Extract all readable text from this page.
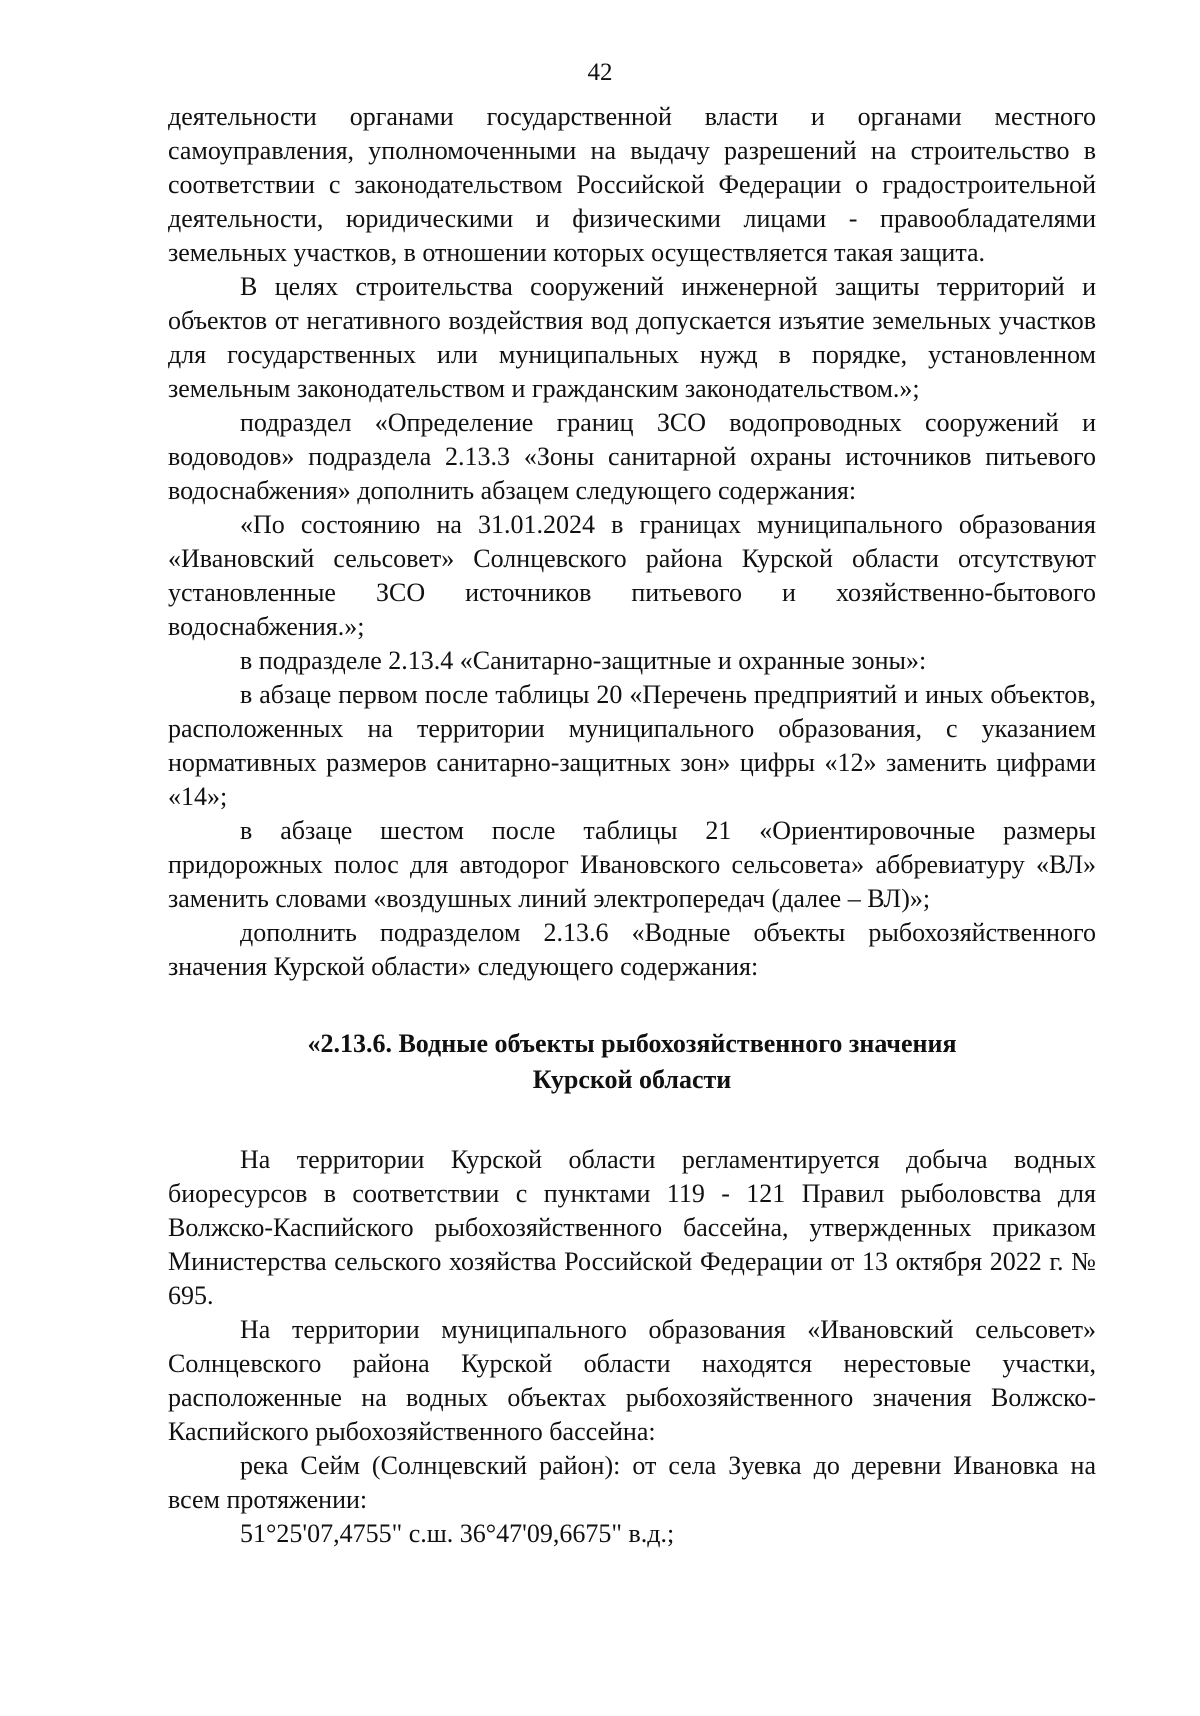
42

деятельности органами государственной власти и органами местного самоуправления, уполномоченными на выдачу разрешений на строительство в соответствии с законодательством Российской Федерации о градостроительной деятельности, юридическими и физическими лицами - правообладателями земельных участков, в отношении которых осуществляется такая защита.

В целях строительства сооружений инженерной защиты территорий и объектов от негативного воздействия вод допускается изъятие земельных участков для государственных или муниципальных нужд в порядке, установленном земельным законодательством и гражданским законодательством.»;

подраздел «Определение границ ЗСО водопроводных сооружений и водоводов» подраздела 2.13.3 «Зоны санитарной охраны источников питьевого водоснабжения» дополнить абзацем следующего содержания:

«По состоянию на 31.01.2024 в границах муниципального образования «Ивановский сельсовет» Солнцевского района Курской области отсутствуют установленные ЗСО источников питьевого и хозяйственно-бытового водоснабжения.»;

в подразделе 2.13.4 «Санитарно-защитные и охранные зоны»:

в абзаце первом после таблицы 20 «Перечень предприятий и иных объектов, расположенных на территории муниципального образования, с указанием нормативных размеров санитарно-защитных зон» цифры «12» заменить цифрами «14»;

в абзаце шестом после таблицы 21 «Ориентировочные размеры придорожных полос для автодорог Ивановского сельсовета» аббревиатуру «ВЛ» заменить словами «воздушных линий электропередач (далее – ВЛ)»;

дополнить подразделом 2.13.6 «Водные объекты рыбохозяйственного значения Курской области» следующего содержания:

«2.13.6. Водные объекты рыбохозяйственного значения
Курской области

На территории Курской области регламентируется добыча водных биоресурсов в соответствии с пунктами 119 - 121 Правил рыболовства для Волжско-Каспийского рыбохозяйственного бассейна, утвержденных приказом Министерства сельского хозяйства Российской Федерации от 13 октября 2022 г. № 695.

На территории муниципального образования «Ивановский сельсовет» Солнцевского района Курской области находятся нерестовые участки, расположенные на водных объектах рыбохозяйственного значения Волжско-Каспийского рыбохозяйственного бассейна:

река Сейм (Солнцевский район): от села Зуевка до деревни Ивановка на всем протяжении:

51°25'07,4755" с.ш. 36°47'09,6675" в.д.;
